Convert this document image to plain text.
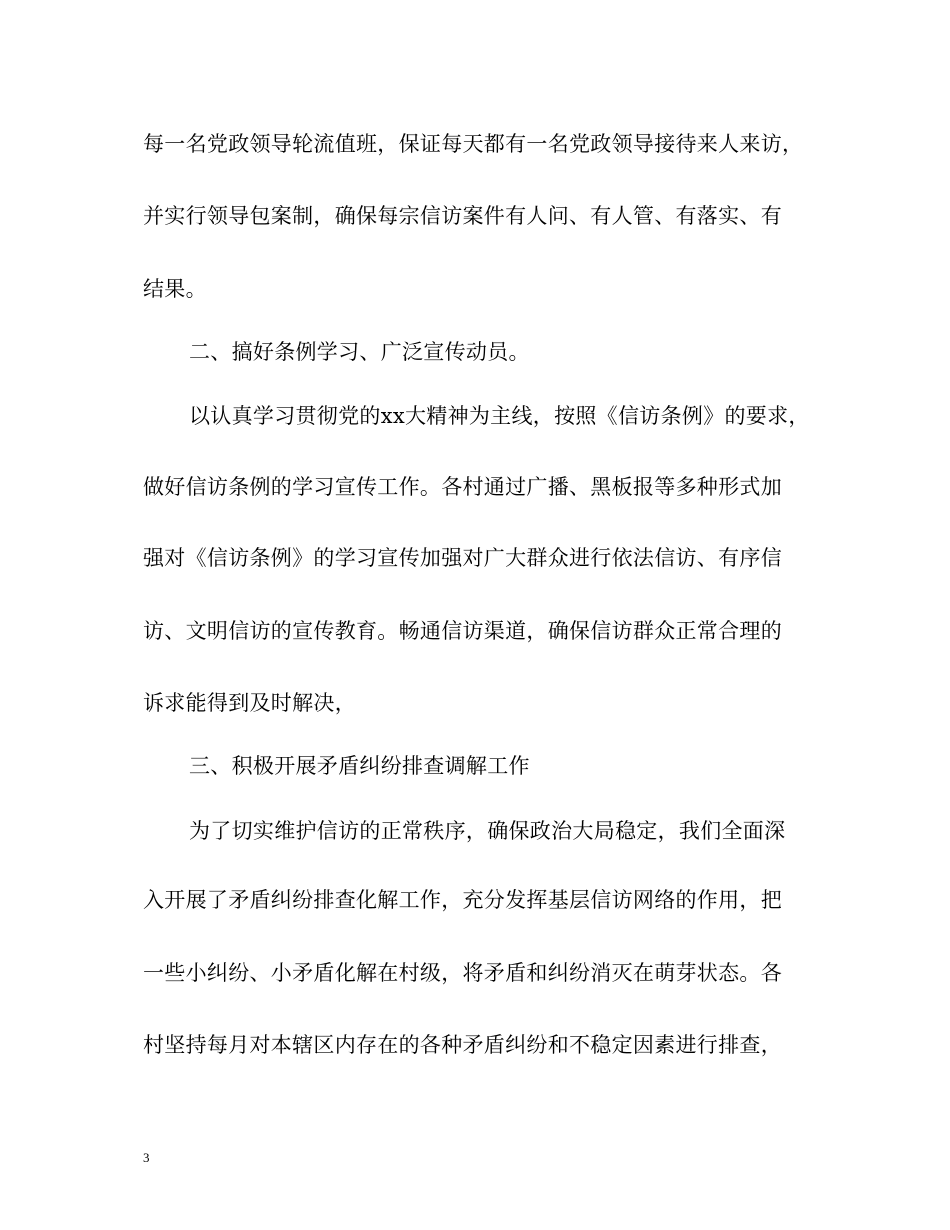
每一名党政领导轮流值班，保证每天都有一名党政领导接待来人来访，
并实行领导包案制，确保每宗信访案件有人问、有人管、有落实、有
结果。
二、搞好条例学习、广泛宣传动员。
以认真学习贯彻党的xx大精神为主线，按照《信访条例》的要求，
做好信访条例的学习宣传工作。各村通过广播、黑板报等多种形式加
强对《信访条例》的学习宣传加强对广大群众进行依法信访、有序信
访、文明信访的宣传教育。畅通信访渠道，确保信访群众正常合理的
诉求能得到及时解决，
三、积极开展矛盾纠纷排查调解工作
为了切实维护信访的正常秩序，确保政治大局稳定，我们全面深
入开展了矛盾纠纷排查化解工作，充分发挥基层信访网络的作用，把
一些小纠纷、小矛盾化解在村级，将矛盾和纠纷消灭在萌芽状态。各
村坚持每月对本辖区内存在的各种矛盾纠纷和不稳定因素进行排查，
3
